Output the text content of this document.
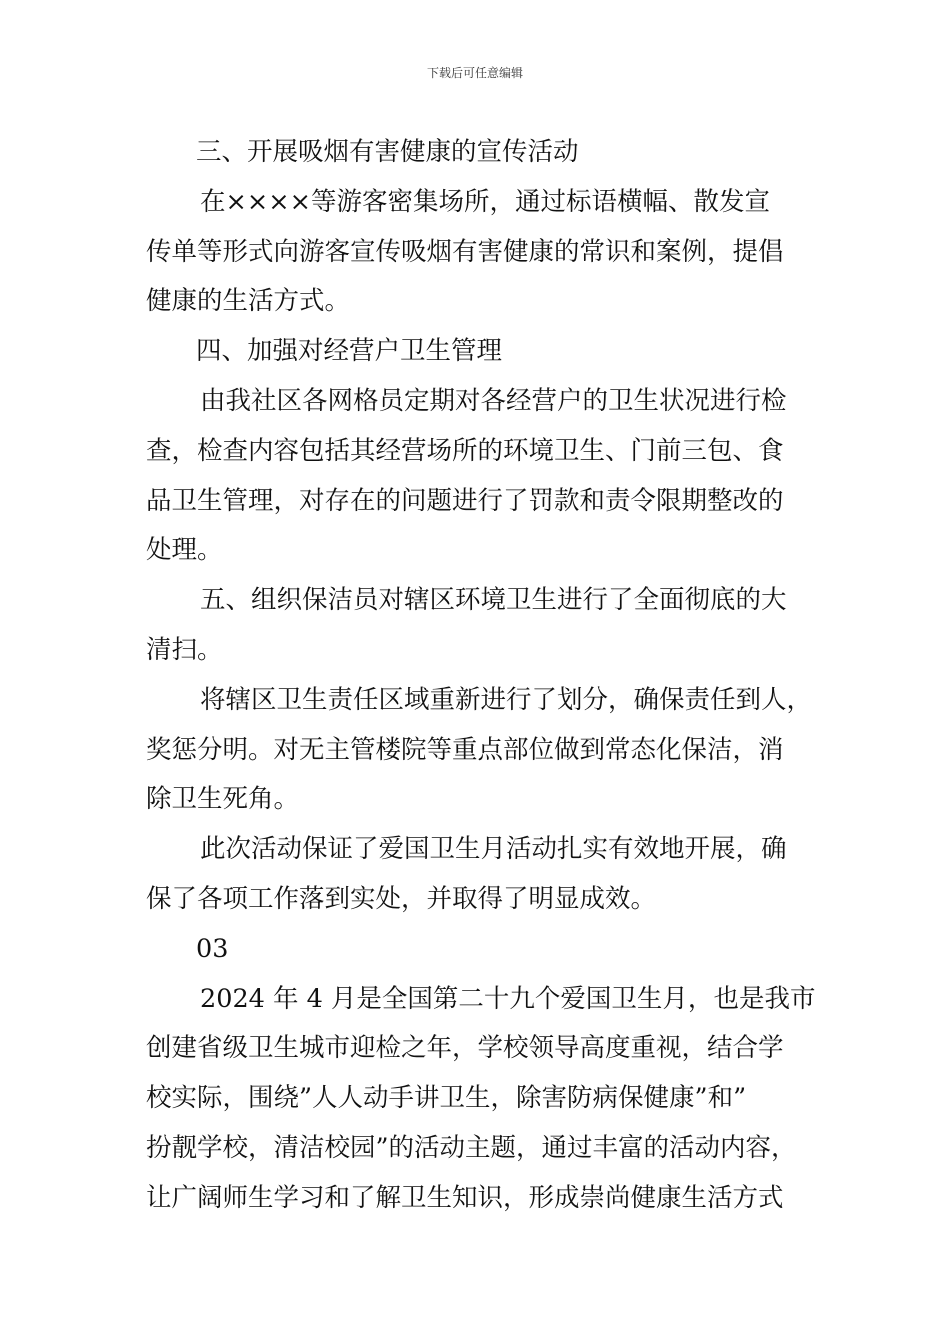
下载后可任意编辑

三、开展吸烟有害健康的宣传活动

在××××等游客密集场所，通过标语横幅、散发宣

传单等形式向游客宣传吸烟有害健康的常识和案例，提倡

健康的生活方式。

四、加强对经营户卫生管理

由我社区各网格员定期对各经营户的卫生状况进行检

查，检查内容包括其经营场所的环境卫生、门前三包、食

品卫生管理，对存在的问题进行了罚款和责令限期整改的

处理。

五、组织保洁员对辖区环境卫生进行了全面彻底的大

清扫。

将辖区卫生责任区域重新进行了划分，确保责任到人，

奖惩分明。对无主管楼院等重点部位做到常态化保洁，消

除卫生死角。

此次活动保证了爱国卫生月活动扎实有效地开展，确

保了各项工作落到实处，并取得了明显成效。

03

2024 年 4 月是全国第二十九个爱国卫生月，也是我市

创建省级卫生城市迎检之年，学校领导高度重视，结合学

校实际，围绕”人人动手讲卫生，除害防病保健康”和”

扮靓学校，清洁校园”的活动主题，通过丰富的活动内容，

让广阔师生学习和了解卫生知识，形成崇尚健康生活方式
